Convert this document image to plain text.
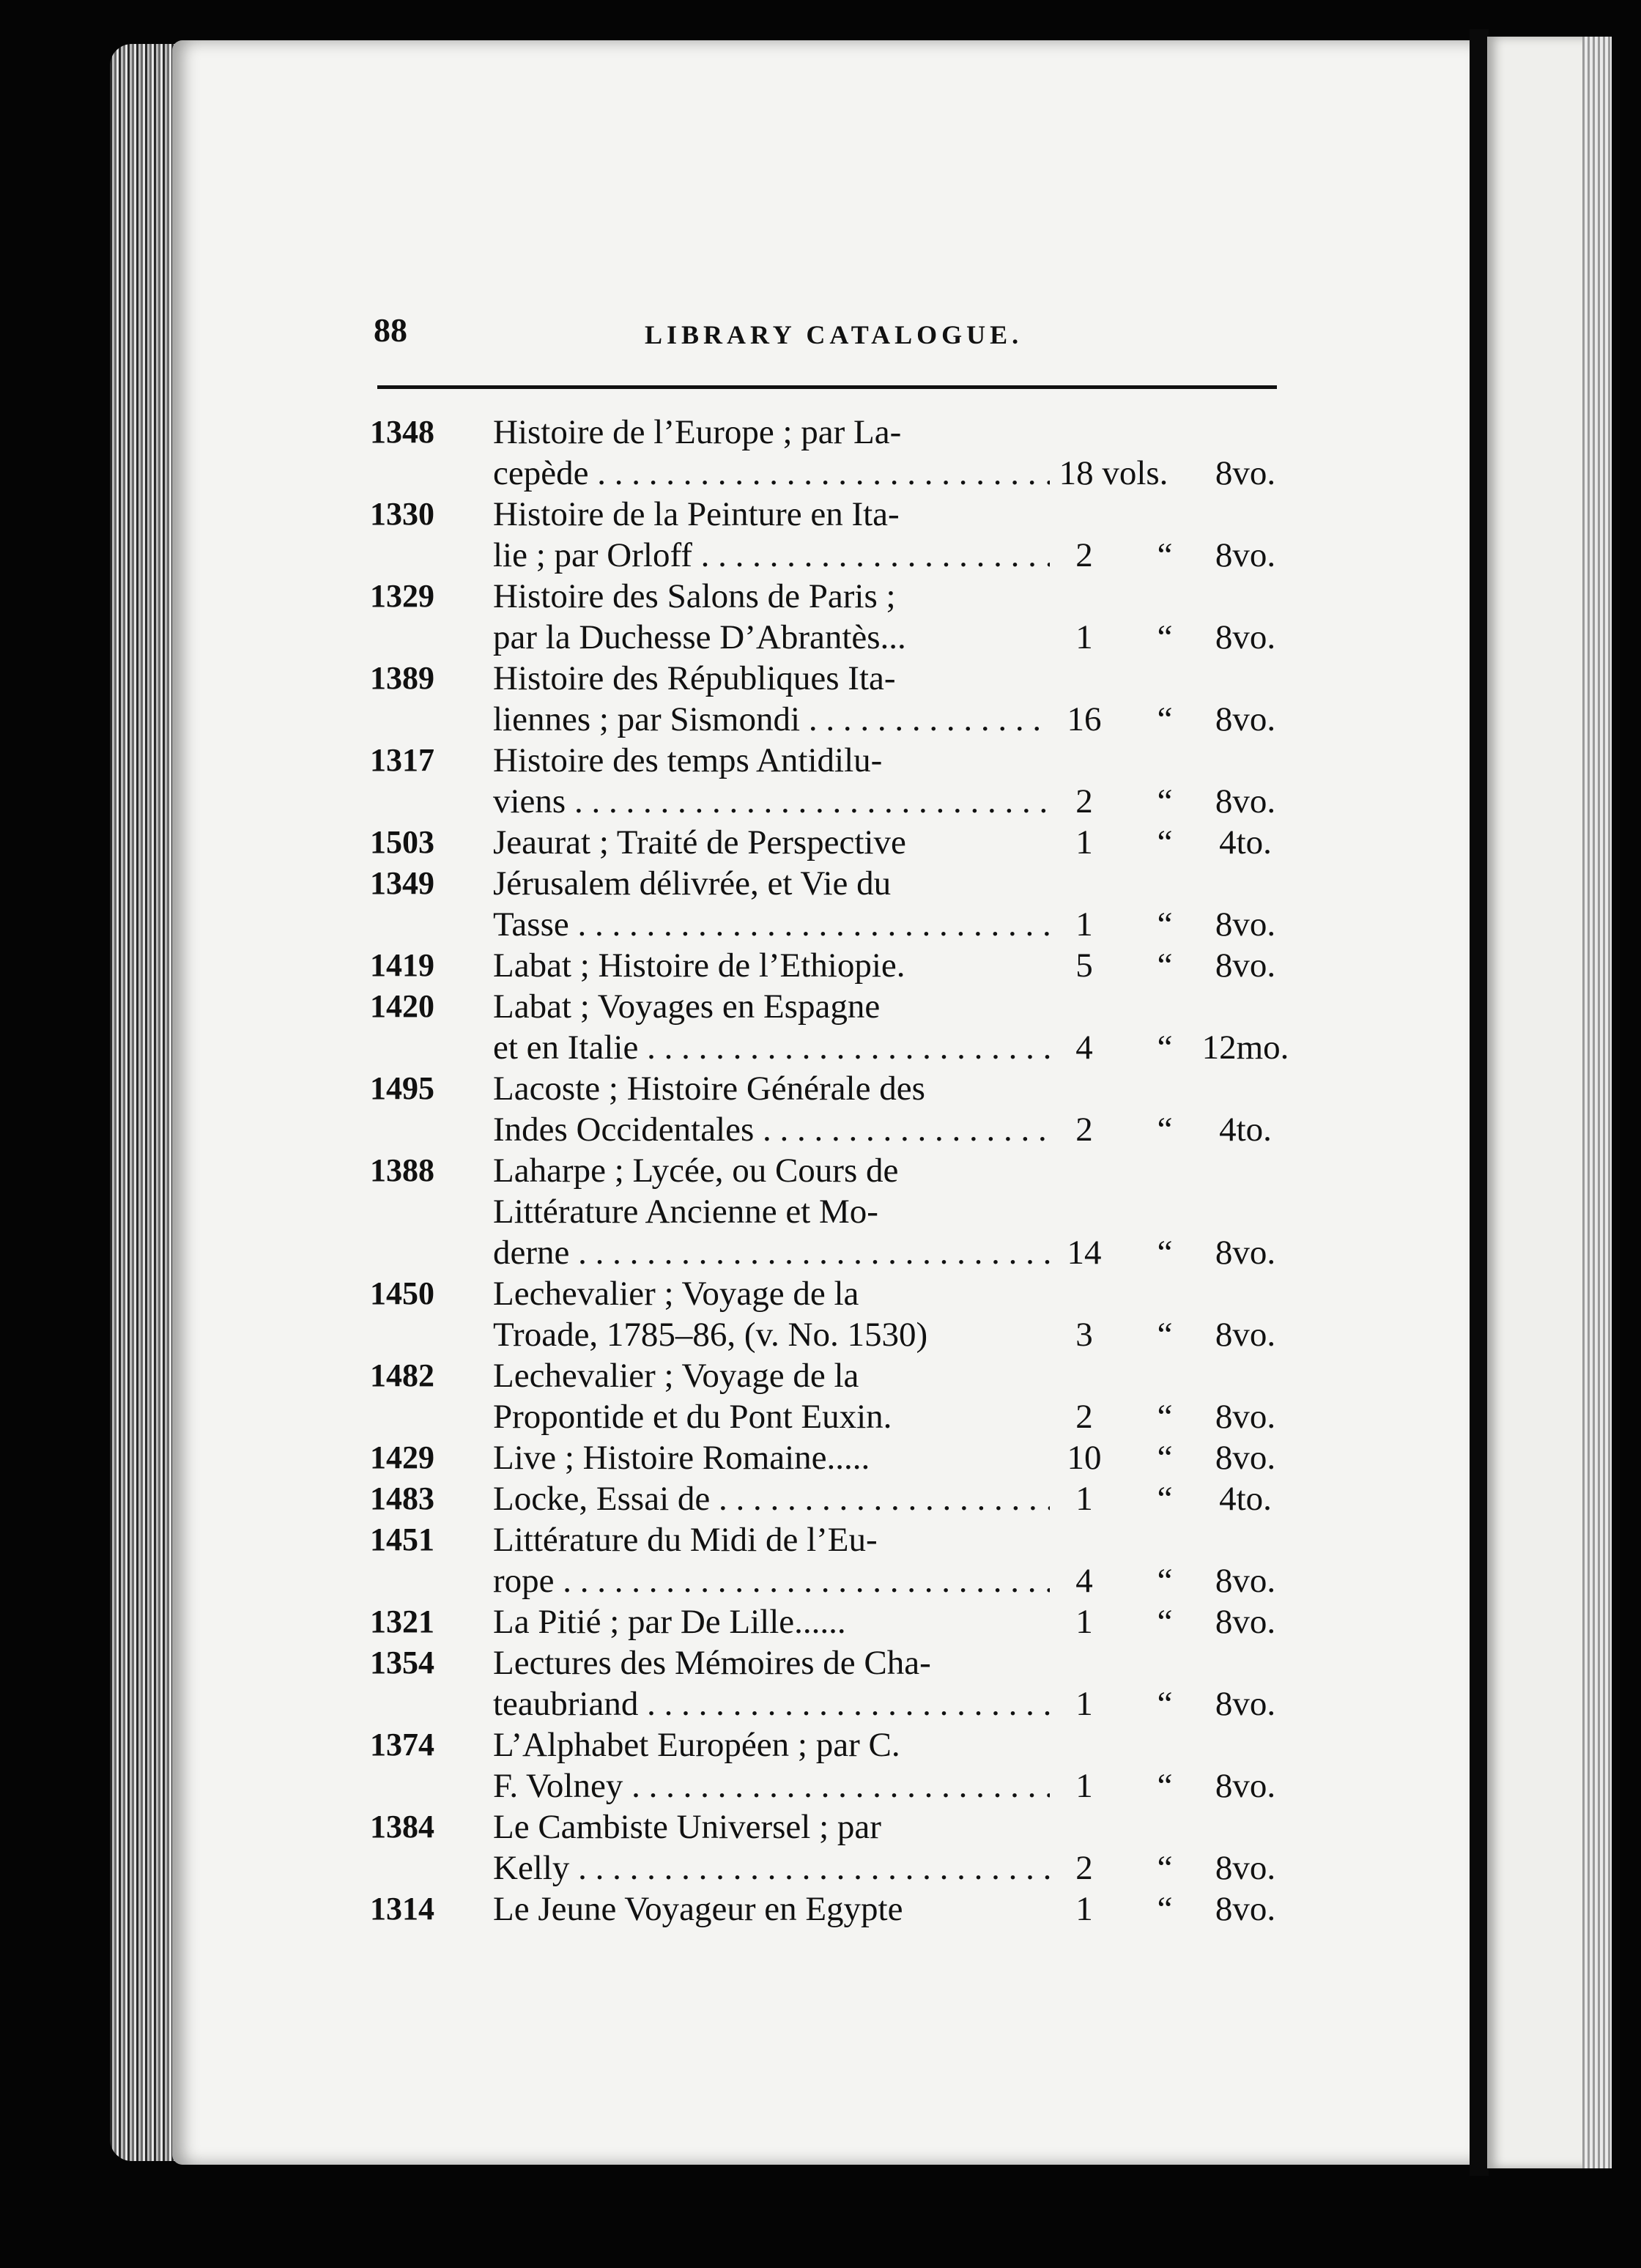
88	LIBRARY CATALOGUE.
1348	Histoire de l’Europe ; par La-
cepède . . .	18 vols.	8vo.
1330	Histoire de la Peinture en Ita-
lie ; par Orloff . . .	2	“	8vo.
1329	Histoire des Salons de Paris ;
par la Duchesse D’Abrantès...	1	“	8vo.
1389	Histoire des Républiques Ita-
liennes ; par Sismondi . . .	16	“	8vo.
1317	Histoire des temps Antidilu-
viens . . .	2	“	8vo.
1503	Jeaurat ; Traité de Perspective	1	“	4to.
1349	Jérusalem délivrée, et Vie du
Tasse . . .	1	“	8vo.
1419	Labat ; Histoire de l’Ethiopie.	5	“	8vo.
1420	Labat ; Voyages en Espagne
et en Italie . . .	4	“ 12mo.
1495	Lacoste ; Histoire Générale des
Indes Occidentales . . .	2	“	4to.
1388	Laharpe ; Lycée, ou Cours de
Littérature Ancienne et Mo-
derne . . .	14	“	8vo.
1450	Lechevalier ; Voyage de la
Troade, 1785–86, (v. No. 1530)	3	“	8vo.
1482	Lechevalier ; Voyage de la
Propontide et du Pont Euxin.	2	“	8vo.
1429	Live ; Histoire Romaine.....	10	“	8vo.
1483	Locke, Essai de . . .	1	“	4to.
1451	Littérature du Midi de l’Eu-
rope . . .	4	“	8vo.
1321	La Pitié ; par De Lille......	1	“	8vo.
1354	Lectures des Mémoires de Cha-
teaubriand . . .	1	“	8vo.
1374	L’Alphabet Européen ; par C.
F. Volney . . .	1	“	8vo.
1384	Le Cambiste Universel ; par
Kelly . . .	2	“	8vo.
1314	Le Jeune Voyageur en Egypte	1	“	8vo.
